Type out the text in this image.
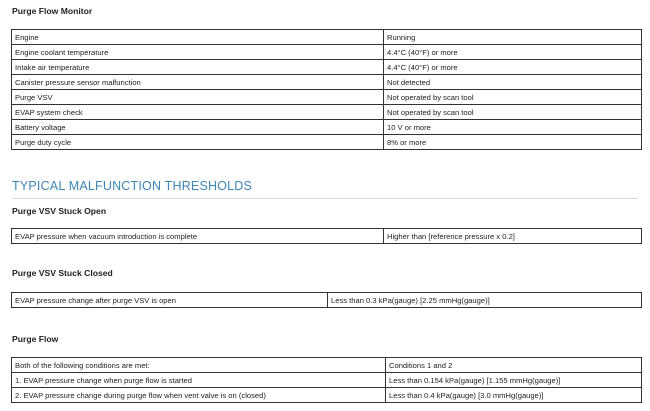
Purge Flow Monitor
Engine	Running
Engine coolant temperature	4.4°C (40°F) or more
Intake air temperature	4.4°C (40°F) or more
Canister pressure sensor malfunction	Not detected
Purge VSV	Not operated by scan tool
EVAP system check	Not operated by scan tool
Battery voltage	10 V or more
Purge duty cycle	8% or more
TYPICAL MALFUNCTION THRESHOLDS
Purge VSV Stuck Open
EVAP pressure when vacuum introduction is complete	Higher than [reference pressure x 0.2]
Purge VSV Stuck Closed
EVAP pressure change after purge VSV is open	Less than 0.3 kPa(gauge) [2.25 mmHg(gauge)]
Purge Flow
Both of the following conditions are met:	Conditions 1 and 2
1. EVAP pressure change when purge flow is started	Less than 0.154 kPa(gauge) [1.155 mmHg(gauge)]
2. EVAP pressure change during purge flow when vent valve is on (closed)	Less than 0.4 kPa(gauge) [3.0 mmHg(gauge)]
